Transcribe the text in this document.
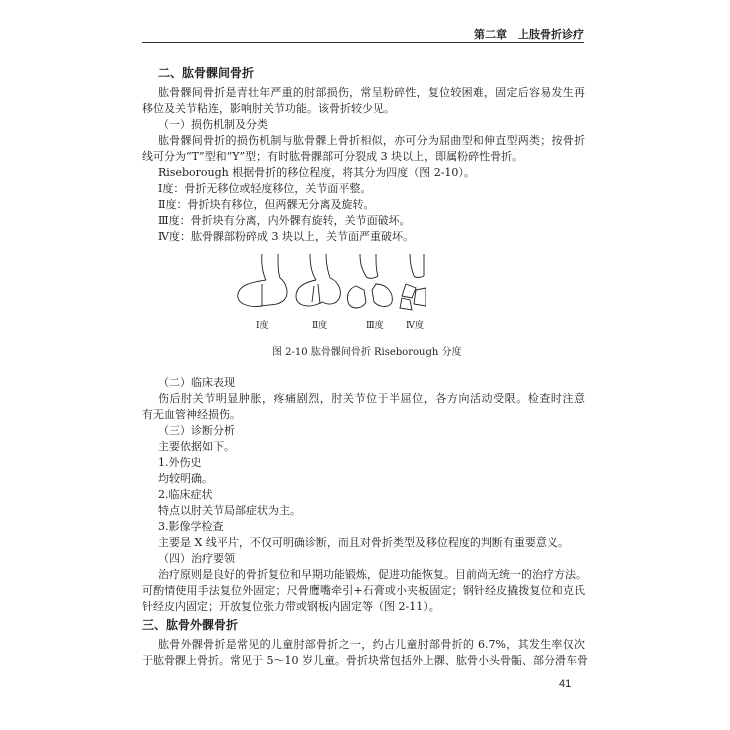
第二章　上肢骨折诊疗
二、肱骨髁间骨折
肱骨髁间骨折是青壮年严重的肘部损伤，常呈粉碎性，复位较困难，固定后容易发生再
移位及关节粘连，影响肘关节功能。该骨折较少见。
（一）损伤机制及分类
肱骨髁间骨折的损伤机制与肱骨髁上骨折相似，亦可分为屈曲型和伸直型两类；按骨折
线可分为“T”型和“Y”型；有时肱骨髁部可分裂成 3 块以上，即属粉碎性骨折。
Riseborough 根据骨折的移位程度，将其分为四度（图 2-10）。
Ⅰ度：骨折无移位或轻度移位，关节面平整。
Ⅱ度：骨折块有移位，但两髁无分离及旋转。
Ⅲ度：骨折块有分离，内外髁有旋转，关节面破坏。
Ⅳ度：肱骨髁部粉碎成 3 块以上，关节面严重破坏。
Ⅰ度	Ⅱ度	Ⅲ度 Ⅳ度
图 2-10 肱骨髁间骨折 Riseborough 分度
（二）临床表现
伤后肘关节明显肿胀，疼痛剧烈，肘关节位于半屈位，各方向活动受限。检查时注意
有无血管神经损伤。
（三）诊断分析
主要依据如下。
1.外伤史
均较明确。
2.临床症状
特点以肘关节局部症状为主。
3.影像学检查
主要是 X 线平片，不仅可明确诊断，而且对骨折类型及移位程度的判断有重要意义。
（四）治疗要领
治疗原则是良好的骨折复位和早期功能锻炼，促进功能恢复。目前尚无统一的治疗方法。
可酌情使用手法复位外固定；尺骨鹰嘴牵引+石膏或小夹板固定；钢针经皮撬拨复位和克氏
针经皮内固定；开放复位张力带或钢板内固定等（图 2-11）。
三、肱骨外髁骨折
肱骨外髁骨折是常见的儿童肘部骨折之一，约占儿童肘部骨折的 6.7%，其发生率仅次
于肱骨髁上骨折。常见于 5～10 岁儿童。骨折块常包括外上髁、肱骨小头骨骺、部分滑车骨
41
